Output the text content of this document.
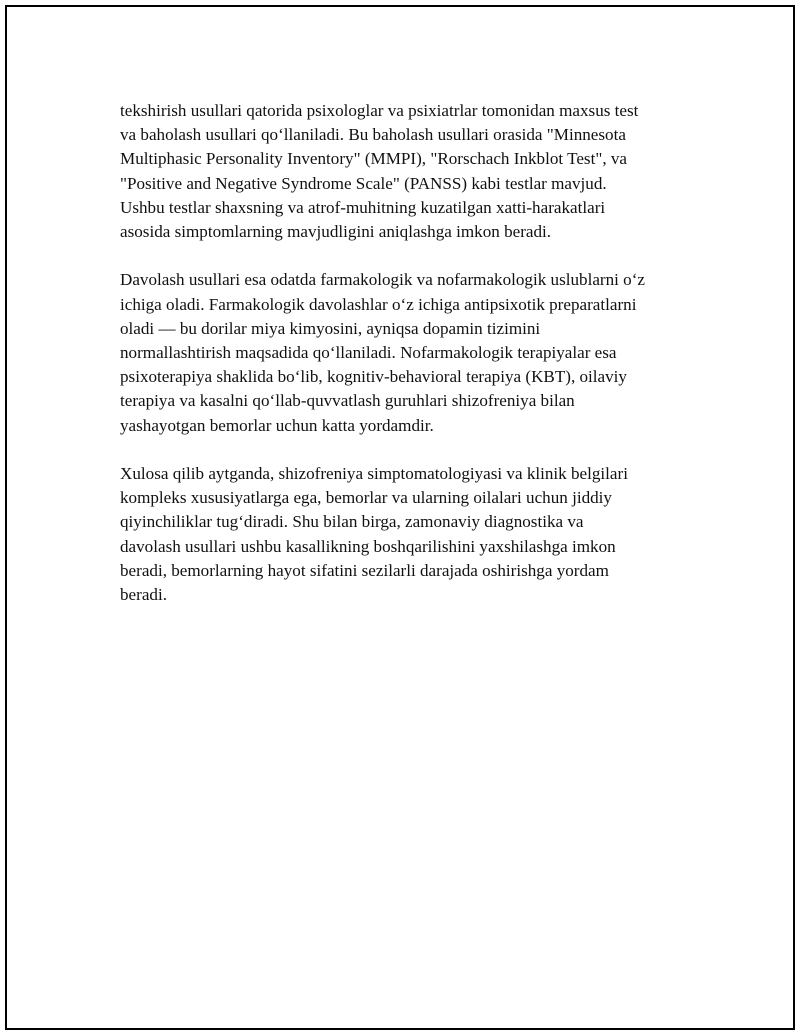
tekshirish usullari qatorida psixologlar va psixiatrlar tomonidan maxsus test
va baholash usullari qo‘llaniladi. Bu baholash usullari orasida "Minnesota
Multiphasic Personality Inventory" (MMPI), "Rorschach Inkblot Test", va
"Positive and Negative Syndrome Scale" (PANSS) kabi testlar mavjud.
Ushbu testlar shaxsning va atrof-muhitning kuzatilgan xatti-harakatlari
asosida simptomlarning mavjudligini aniqlashga imkon beradi.

Davolash usullari esa odatda farmakologik va nofarmakologik uslublarni o‘z
ichiga oladi. Farmakologik davolashlar o‘z ichiga antipsixotik preparatlarni
oladi — bu dorilar miya kimyosini, ayniqsa dopamin tizimini
normallashtirish maqsadida qo‘llaniladi. Nofarmakologik terapiyalar esa
psixoterapiya shaklida bo‘lib, kognitiv-behavioral terapiya (KBT), oilaviy
terapiya va kasalni qo‘llab-quvvatlash guruhlari shizofreniya bilan
yashayotgan bemorlar uchun katta yordamdir.

Xulosa qilib aytganda, shizofreniya simptomatologiyasi va klinik belgilari
kompleks xususiyatlarga ega, bemorlar va ularning oilalari uchun jiddiy
qiyinchiliklar tug‘diradi. Shu bilan birga, zamonaviy diagnostika va
davolash usullari ushbu kasallikning boshqarilishini yaxshilashga imkon
beradi, bemorlarning hayot sifatini sezilarli darajada oshirishga yordam
beradi.
